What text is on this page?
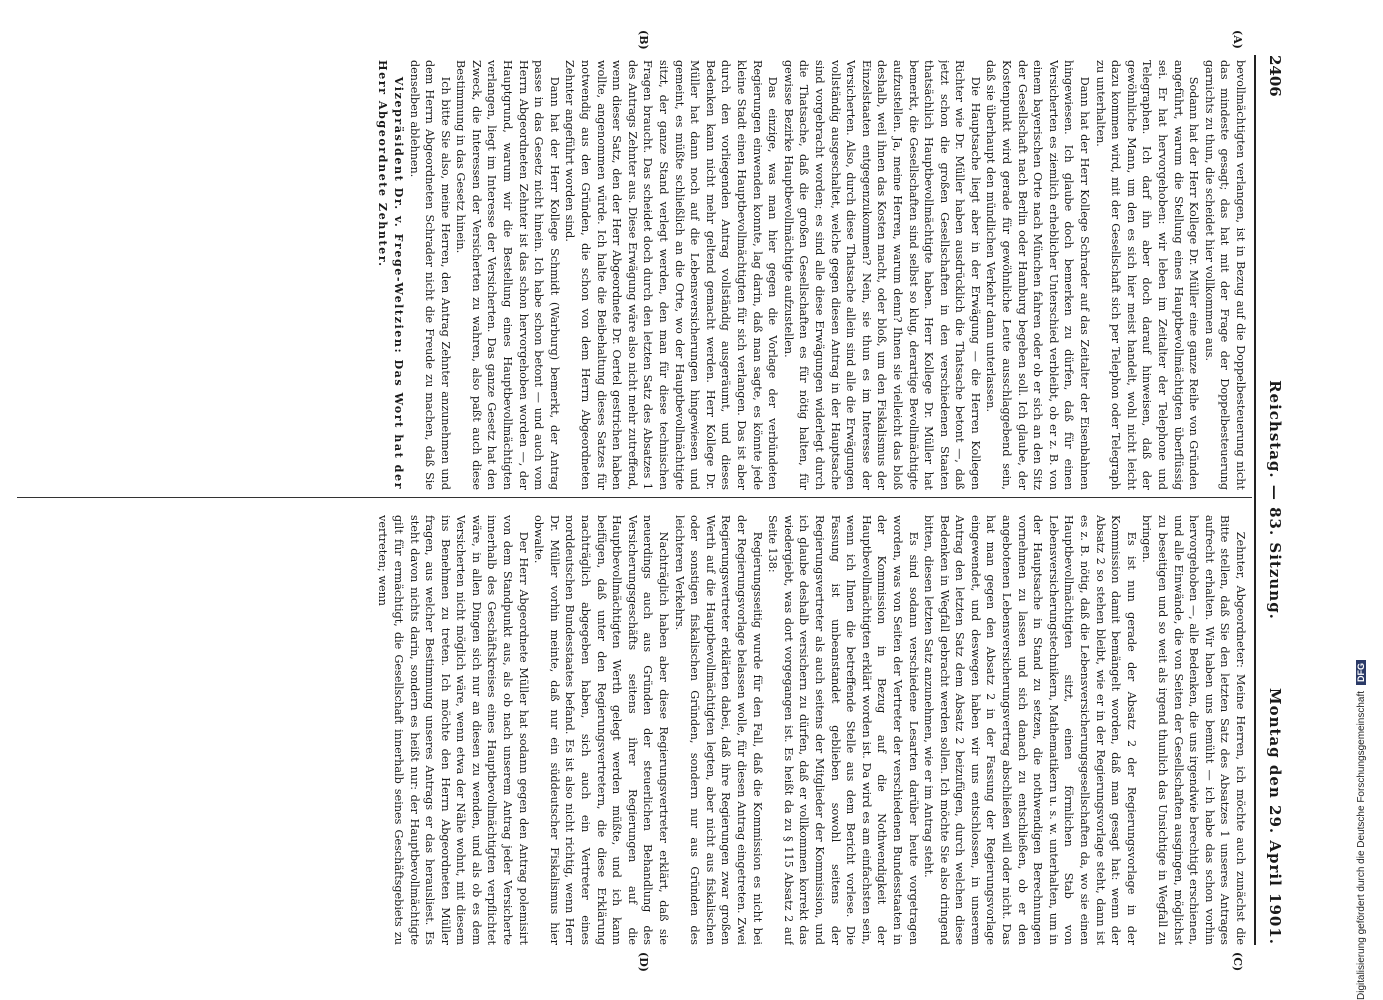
2406
Reichstag. — 83. Sitzung.
Montag den 29. April 1901.
(A)
(B)
(C)
(D)

bevollmächtigten verlangen, ist in Bezug auf die Doppelbesteuerung nicht das mindeste gesagt; das hat mit der Frage der Doppelbesteuerung garnichts zu thun, die scheidet hier vollkommen aus.

Sodann hat der Herr Kollege Dr. Müller eine ganze Reihe von Gründen angeführt, warum die Stellung eines Hauptbevollmächtigten überflüssig sei. Er hat hervorgehoben: wir leben im Zeitalter der Telephone und Telegraphen. Ich darf ihn aber doch darauf hinweisen, daß der gewöhnliche Mann, um den es sich hier meist handelt, wohl nicht leicht dazu kommen wird, mit der Gesellschaft sich per Telephon oder Telegraph zu unterhalten.

Dann hat der Herr Kollege Schrader auf das Zeitalter der Eisenbahnen hingewiesen. Ich glaube doch bemerken zu dürfen, daß für einen Versicherten es ziemlich erheblicher Unterschied verbleibt, ob er z. B. von einem bayerischen Orte nach München fahren oder ob er sich an den Sitz der Gesellschaft nach Berlin oder Hamburg begeben soll. Ich glaube, der Kostenpunkt wird gerade für gewöhnliche Leute ausschlaggebend sein, daß sie überhaupt den mündlichen Verkehr dann unterlassen.

Die Hauptsache liegt aber in der Erwägung — die Herren Kollegen Richter wie Dr. Müller haben ausdrücklich die Thatsache betont —, daß jetzt schon die großen Gesellschaften in den verschiedenen Staaten thatsächlich Hauptbevollmächtigte haben. Herr Kollege Dr. Müller hat bemerkt, die Gesellschaften sind selbst so klug, derartige Bevollmächtigte aufzustellen. Ja, meine Herren, warum denn? Ihnen sie vielleicht das bloß deshalb, weil ihnen das Kosten macht, oder bloß, um den Fiskalismus der Einzelstaaten entgegenzukommen? Nein, sie thun es im Interesse der Versicherten. Also, durch diese Thatsache allein sind alle die Erwägungen vollständig ausgeschaltet, welche gegen diesen Antrag in der Hauptsache sind vorgebracht worden; es sind alle diese Erwägungen widerlegt durch die Thatsache, daß die großen Gesellschaften es für nötig halten, für gewisse Bezirke Hauptbevollmächtigte aufzustellen.

Das einzige, was man hier gegen die Vorlage der verbündeten Regierungen einwenden konnte, lag darin, daß man sagte, es könnte jede kleine Stadt einen Hauptbevollmächtigten für sich verlangen. Das ist aber durch den vorliegenden Antrag vollständig ausgeräumt, und dieses Bedenken kann nicht mehr geltend gemacht werden. Herr Kollege Dr. Müller hat dann noch auf die Lebensversicherungen hingewiesen und gemeint, es müßte schließlich an die Orte, wo der Hauptbevollmächtigte sitzt, der ganze Stand verlegt werden, den man für diese technischen Fragen braucht. Das scheidet doch durch den letzten Satz des Absatzes 1 des Antrags Zehnter aus. Diese Erwägung wäre also nicht mehr zutreffend, wenn dieser Satz, den der Herr Abgeordnete Dr. Oertel gestrichen haben wollte, angenommen würde. Ich halte die Beibehaltung dieses Satzes für notwendig aus den Gründen, die schon von dem Herrn Abgeordneten Zehnter angeführt worden sind.

Dann hat der Herr Kollege Schmidt (Warburg) bemerkt, der Antrag passe in das Gesetz nicht hinein. Ich habe schon betont — und auch vom Herrn Abgeordneten Zehnter ist das schon hervorgehoben worden —, der Hauptgrund, warum wir die Bestellung eines Hauptbevollmächtigten verlangen, liegt im Interesse der Versicherten. Das ganze Gesetz hat den Zweck, die Interessen der Versicherten zu wahren, also paßt auch diese Bestimmung in das Gesetz hinein.

Ich bitte Sie also, meine Herren, den Antrag Zehnter anzunehmen und dem Herrn Abgeordneten Schrader nicht die Freude zu machen, daß Sie denselben ablehnen.

Vizepräsident Dr. v. Frege-Weltzien: Das Wort hat der Herr Abgeordnete Zehnter.

Zehnter, Abgeordneter: Meine Herren, ich möchte auch zunächst die Bitte stellen, daß Sie den letzten Satz des Absatzes 1 unseres Antrages aufrecht erhalten. Wir haben uns bemüht — ich habe das schon vorhin hervorgehoben —, alle Bedenken, die uns irgendwie berechtigt erschienen, und alle Einwände, die von Seiten der Gesellschaften ausgingen, möglichst zu beseitigen und so weit als irgend thunlich das Unsichtige in Wegfall zu bringen.

Es ist nun gerade der Absatz 2 der Regierungsvorlage in der Kommission damit bemängelt worden, daß man gesagt hat: wenn der Absatz 2 so stehen bleibt, wie er in der Regierungsvorlage steht, dann ist es z. B. nötig, daß die Lebensversicherungsgesellschaften da, wo sie einen Hauptbevollmächtigten sitzt, einen förmlichen Stab von Lebensversicherungstechnikern, Mathematikern u. s. w. unterhalten, um in der Hauptsache in Stand zu setzen, die nothwendigen Berechnungen vornehmen zu lassen und sich danach zu entschließen, ob er den angebotenen Lebensversicherungsvertrag abschließen will oder nicht. Das hat man gegen den Absatz 2 in der Fassung der Regierungsvorlage eingewendet, und deswegen haben wir uns entschlossen, in unserem Antrag den letzten Satz dem Absatz 2 beizufügen, durch welchen diese Bedenken in Wegfall gebracht werden sollen. Ich möchte Sie also dringend bitten, diesen letzten Satz anzunehmen, wie er im Antrag steht.

Es sind sodann verschiedene Lesarten darüber heute vorgetragen worden, was von Seiten der Vertreter der verschiedenen Bundesstaaten in der Kommission in Bezug auf die Nothwendigkeit der Hauptbevollmächtigten erklärt worden ist. Da wird es am einfachsten sein, wenn ich Ihnen die betreffende Stelle aus dem Bericht vorlese. Die Fassung ist unbeanstandet geblieben sowohl seitens der Regierungsvertreter als auch seitens der Mitglieder der Kommission, und ich glaube deshalb versichern zu dürfen, daß er vollkommen korrekt das wiedergiebt, was dort vorgegangen ist. Es heißt da zu § 115 Absatz 2 auf Seite 138:

Regierungsseitig wurde für den Fall, daß die Kommission es nicht bei der Regierungsvorlage belassen wolle, für diesen Antrag eingetreten. Zwei Regierungsvertreter erklärten dabei, daß ihre Regierungen zwar großen Werth auf die Hauptbevollmächtigten legten, aber nicht aus fiskalischen oder sonstigen fiskalischen Gründen, sondern nur aus Gründen des leichteren Verkehrs.

Nachträglich haben aber diese Regierungsvertreter erklärt, daß sie neuerdings auch aus Gründen der steuerlichen Behandlung des Versicherungsgeschäfts seitens ihrer Regierungen auf die Hauptbevollmächtigten Werth gelegt werden müßte, und ich kann beifügen, daß unter den Regierungsvertretern, die diese Erklärung nachträglich abgegeben haben, sich auch ein Vertreter eines norddeutschen Bundesstaates befand. Es ist also nicht richtig, wenn Herr Dr. Müller vorhin meinte, daß nur ein süddeutscher Fiskalismus hier obwalte.

Der Herr Abgeordnete Müller hat sodann gegen den Antrag polemisirt von dem Standpunkt aus, als ob nach unserem Antrag jeder Versicherte innerhalb des Geschäftskreises eines Hauptbevollmächtigten verpflichtet wäre, in allen Dingen sich nur an diesen zu wenden, und als ob es dem Versicherten nicht möglich wäre, wenn etwa der Nähe wohnt, mit diesem ins Benehmen zu treten. Ich möchte den Herrn Abgeordneten Müller fragen, aus welcher Bestimmung unseres Antrags er das herausliest. Es steht davon nichts darin, sondern es heißt nur: der Hauptbevollmächtigte gilt für ermächtigt, die Gesellschaft innerhalb seines Geschäftsgebiets zu vertreten; wenn

Digitalisierung gefördert durch die Deutsche ForschungsgemeinschaftDFG
